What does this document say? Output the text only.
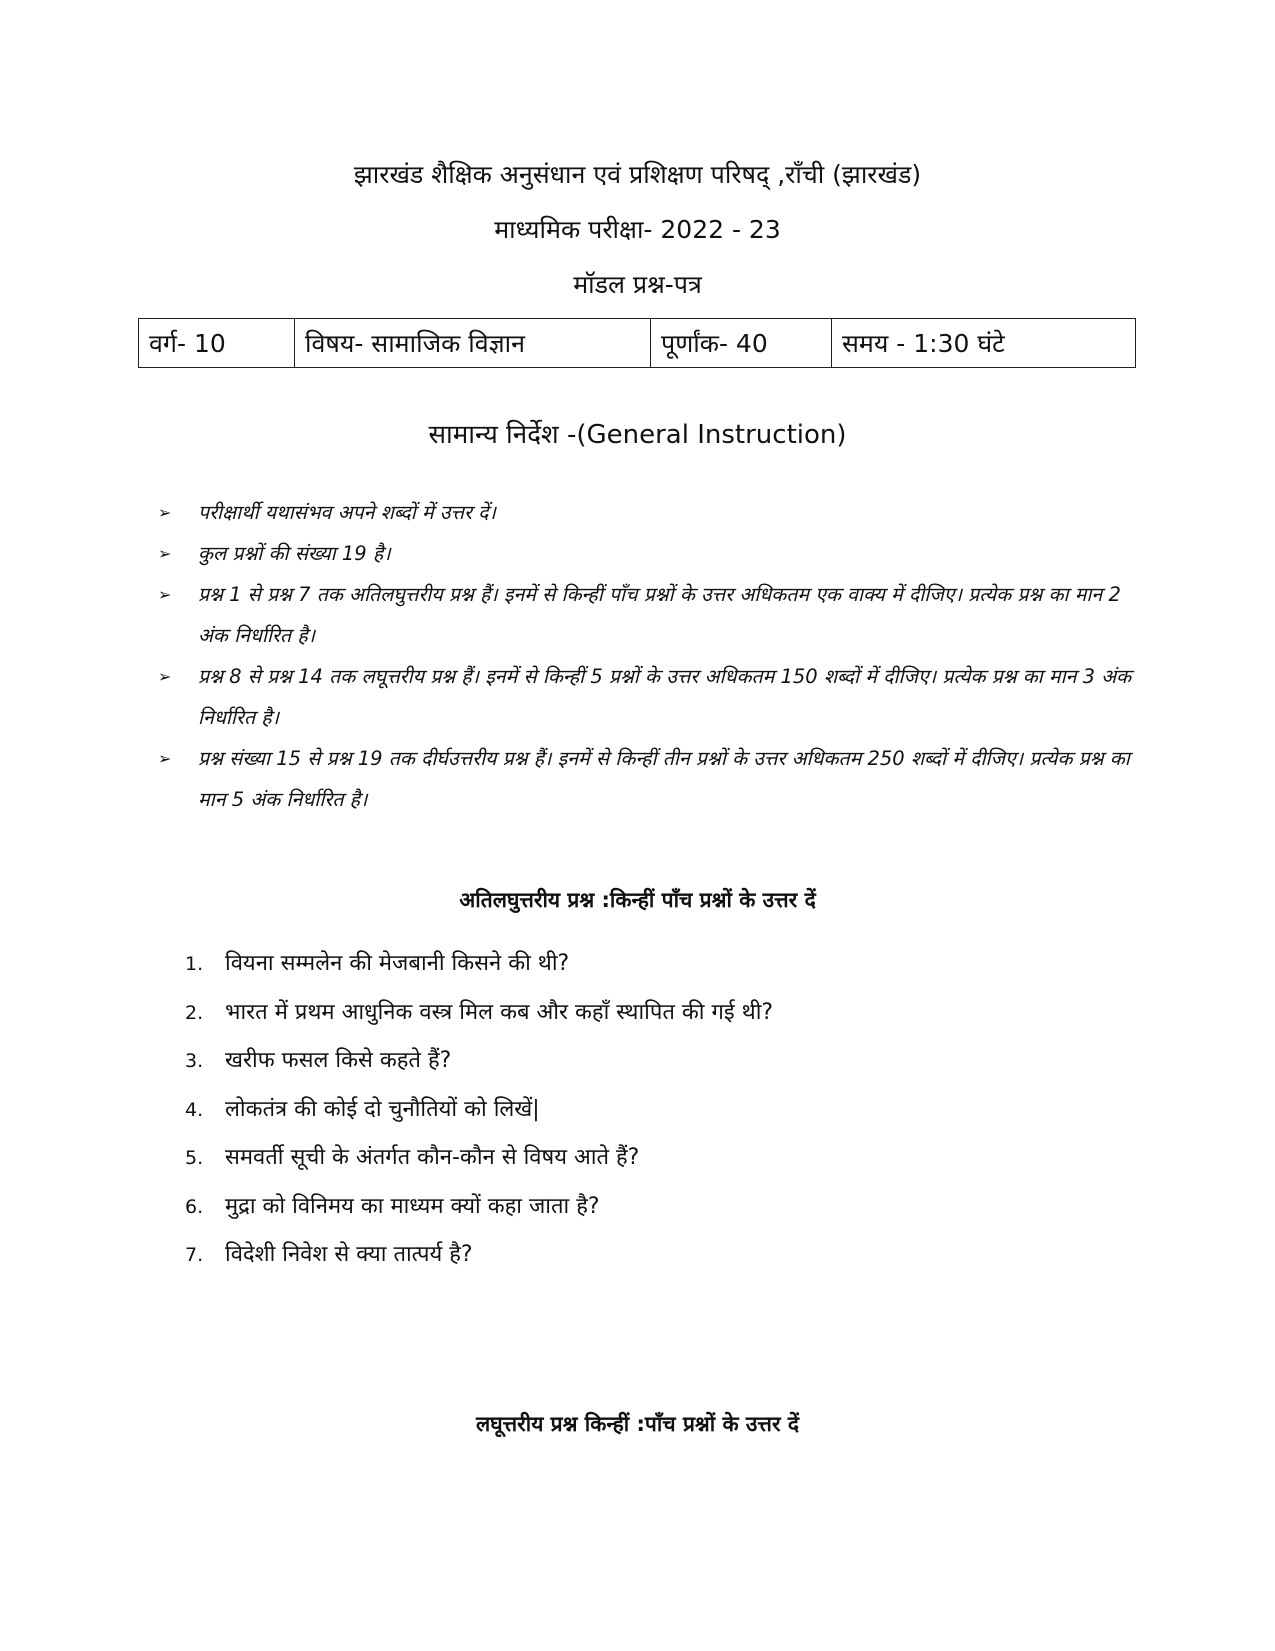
झारखंड शैक्षिक अनुसंधान एवं प्रशिक्षण परिषद् ,राँची (झारखंड)
माध्यमिक परीक्षा- 2022 - 23
मॉडल प्रश्न-पत्र
वर्ग- 10	विषय- सामाजिक विज्ञान	पूर्णांक- 40	समय - 1:30 घंटे
सामान्य निर्देश -(General Instruction)
➢ परीक्षार्थी यथासंभव अपने शब्दों में उत्तर दें।
➢ कुल प्रश्नों की संख्या 19 है।
➢ प्रश्न 1 से प्रश्न 7 तक अतिलघुत्तरीय प्रश्न हैं। इनमें से किन्हीं पाँच प्रश्नों के उत्तर अधिकतम एक वाक्य में दीजिए। प्रत्येक प्रश्न का मान 2 अंक निर्धारित है।
➢ प्रश्न 8 से प्रश्न 14 तक लघूत्तरीय प्रश्न हैं। इनमें से किन्हीं 5 प्रश्नों के उत्तर अधिकतम 150 शब्दों में दीजिए। प्रत्येक प्रश्न का मान 3 अंक निर्धारित है।
➢ प्रश्न संख्या 15 से प्रश्न 19 तक दीर्घउत्तरीय प्रश्न हैं। इनमें से किन्हीं तीन प्रश्नों के उत्तर अधिकतम 250 शब्दों में दीजिए। प्रत्येक प्रश्न का मान 5 अंक निर्धारित है।
अतिलघुत्तरीय प्रश्न :किन्हीं पाँच प्रश्नों के उत्तर दें
1. वियना सम्मलेन की मेजबानी किसने की थी?
2. भारत में प्रथम आधुनिक वस्त्र मिल कब और कहाँ स्थापित की गई थी?
3. खरीफ फसल किसे कहते हैं?
4. लोकतंत्र की कोई दो चुनौतियों को लिखें|
5. समवर्ती सूची के अंतर्गत कौन-कौन से विषय आते हैं?
6. मुद्रा को विनिमय का माध्यम क्यों कहा जाता है?
7. विदेशी निवेश से क्या तात्पर्य है?
लघूत्तरीय प्रश्न किन्हीं :पाँच प्रश्नों के उत्तर दें
